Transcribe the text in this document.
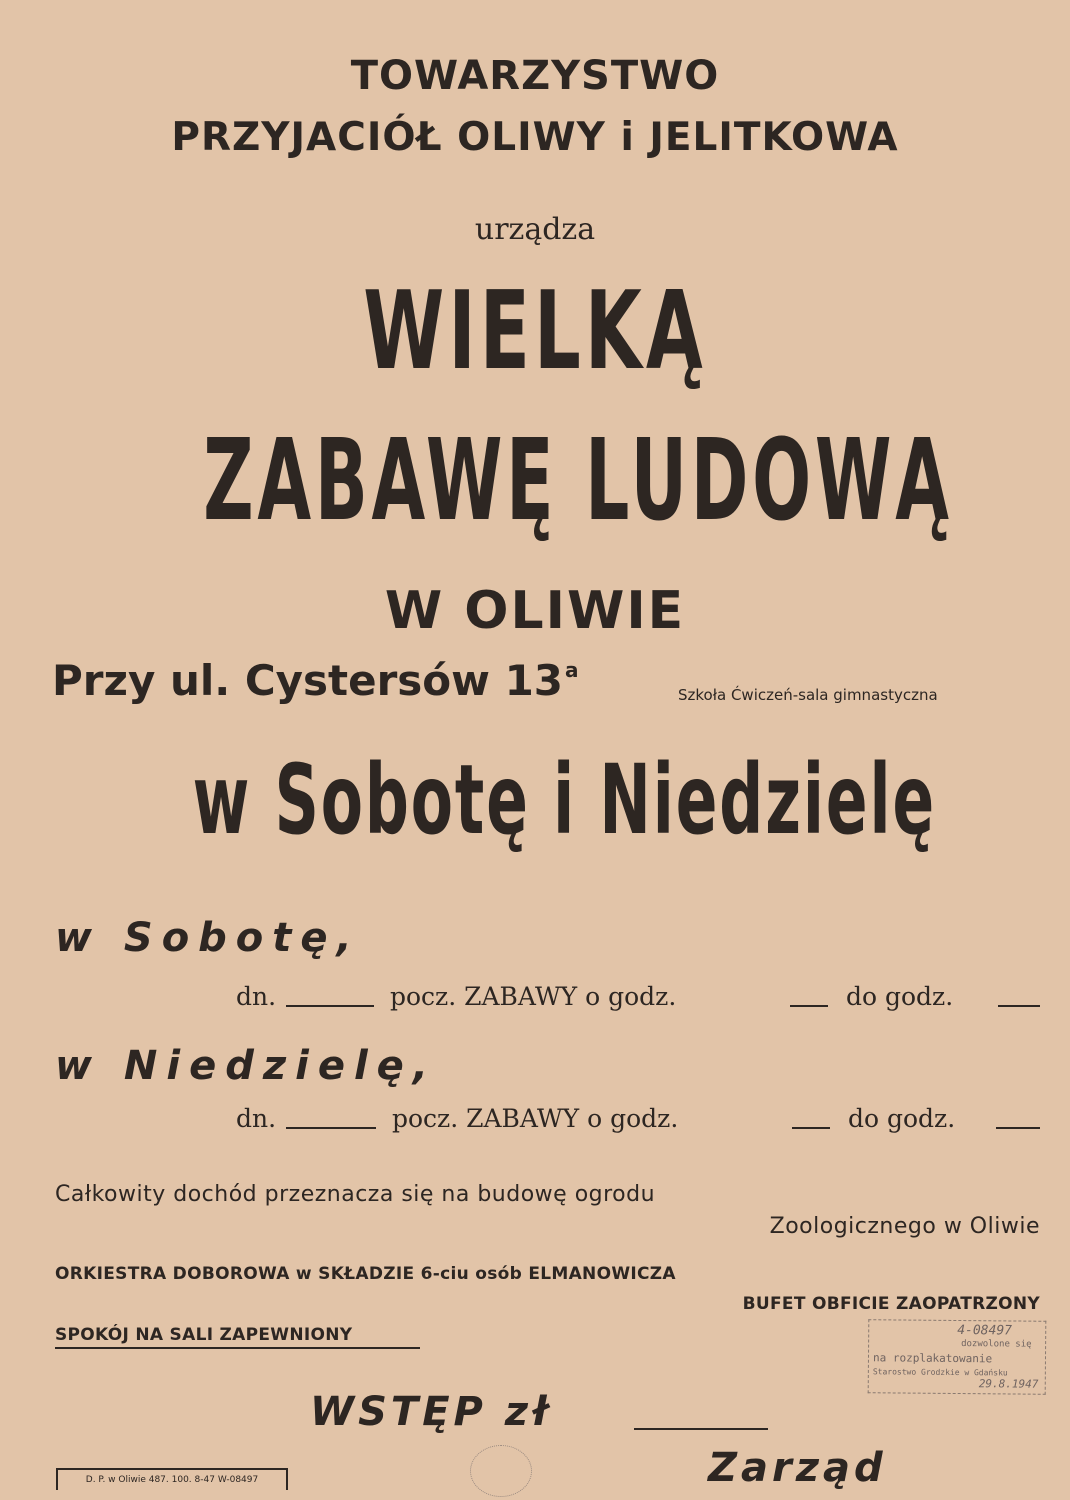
TOWARZYSTWO
PRZYJACIÓŁ OLIWY i JELITKOWA
urządza
WIELKĄ
ZABAWĘ LUDOWĄ
W OLIWIE
Przy ul. Cystersów 13 $^a$
Szkoła Ćwiczeń-sala gimnastyczna
w Sobotę i Niedzielę
w Sobotę,
dn.	pocz. ZABAWY o godz.	do godz.
w Niedzielę,
dn.	pocz. ZABAWY o godz.	do godz.
Całkowity dochód przeznacza się na budowę ogrodu
Zoologicznego w Oliwie
ORKIESTRA DOBOROWA w SKŁADZIE 6-ciu osób ELMANOWICZA
BUFET OBFICIE ZAOPATRZONY
SPOKÓJ NA SALI ZAPEWNIONY
WSTĘP zł
Zarząd
D. P. w Oliwie 487. 100. 8-47 W-08497
4-08497
dozwolone się
na rozplakatowanie
Starostwo Grodzkie w Gdańsku
29.8.1947
